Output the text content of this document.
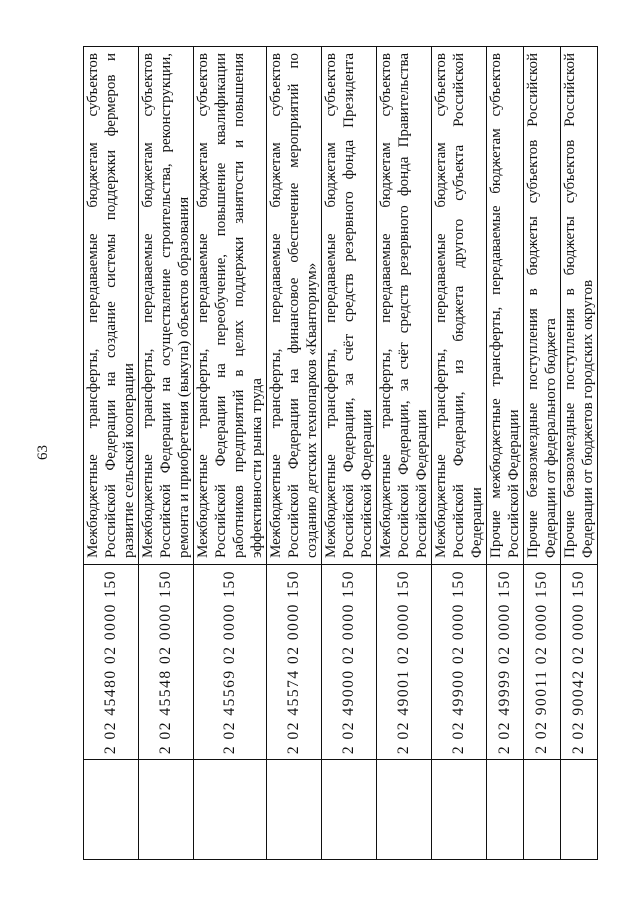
63
	2 02 45480 02 0000 150	Межбюджетные трансферты, передаваемые бюджетам субъектов Российской Федерации на создание системы поддержки фермеров и развитие сельской кооперации

	2 02 45548 02 0000 150	Межбюджетные трансферты, передаваемые бюджетам субъектов Российской Федерации на осуществление строительства, реконструкции, ремонта и приобретения (выкупа) объектов образования

	2 02 45569 02 0000 150	Межбюджетные трансферты, передаваемые бюджетам субъектов Российской Федерации на переобучение, повышение квалификации работников предприятий в целях поддержки занятости и повышения эффективности рынка труда

	2 02 45574 02 0000 150	Межбюджетные трансферты, передаваемые бюджетам субъектов Российской Федерации на финансовое обеспечение мероприятий по созданию детских технопарков «Кванториум»

	2 02 49000 02 0000 150	Межбюджетные трансферты, передаваемые бюджетам субъектов Российской Федерации, за счёт средств резервного фонда Президента Российской Федерации

	2 02 49001 02 0000 150	Межбюджетные трансферты, передаваемые бюджетам субъектов Российской Федерации, за счёт средств резервного фонда Правительства Российской Федерации

	2 02 49900 02 0000 150	Межбюджетные трансферты, передаваемые бюджетам субъектов Российской Федерации, из бюджета другого субъекта Российской Федерации

	2 02 49999 02 0000 150	Прочие межбюджетные трансферты, передаваемые бюджетам субъектов Российской Федерации

	2 02 90011 02 0000 150	Прочие безвозмездные поступления в бюджеты субъектов Российской Федерации от федерального бюджета

	2 02 90042 02 0000 150	Прочие безвозмездные поступления в бюджеты субъектов Российской Федерации от бюджетов городских округов
